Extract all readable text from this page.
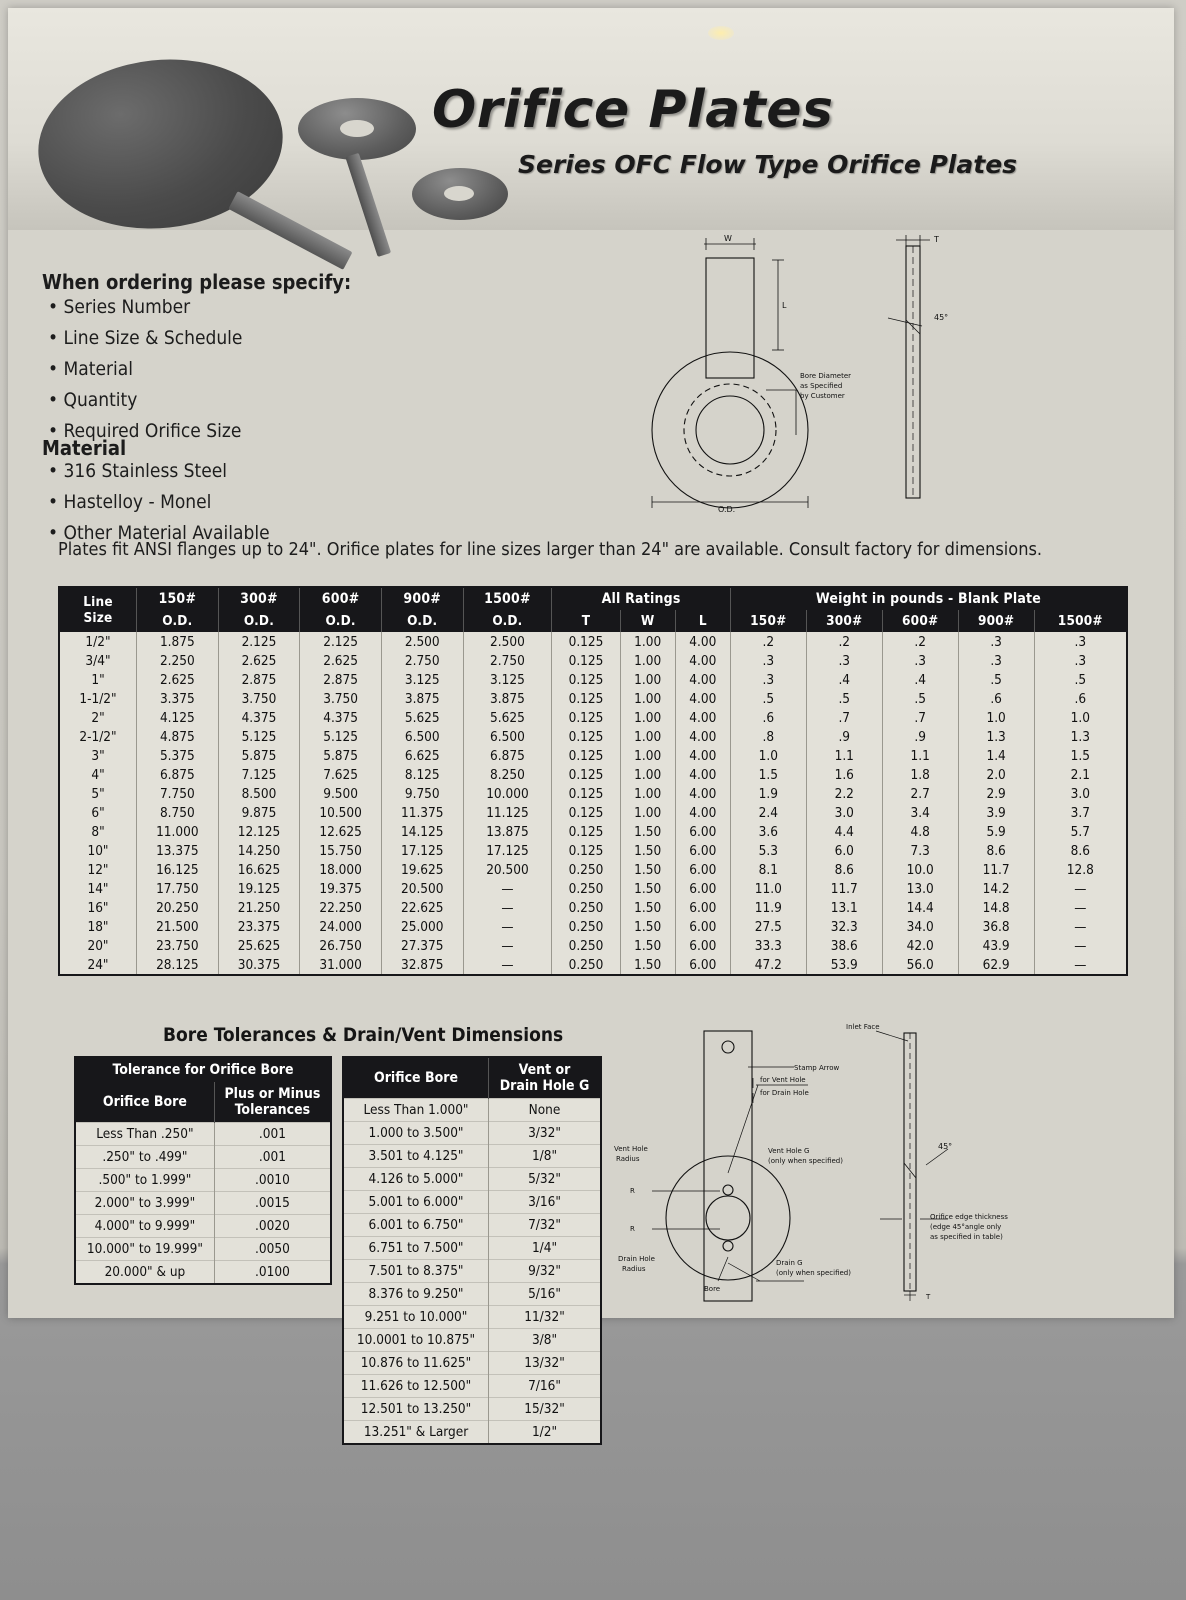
Orifice Plates
Series OFC Flow Type Orifice Plates
When ordering please specify:
• Series Number
• Line Size & Schedule
• Material
• Quantity
• Required Orifice Size
Material
• 316 Stainless Steel
• Hastelloy - Monel
• Other Material Available
Plates fit ANSI flanges up to 24". Orifice plates for line sizes larger than 24" are available. Consult factory for dimensions.
Line
Size	150#	300#	600#	900#	1500#	All Ratings			Weight in pounds - Blank Plate				
	O.D.	O.D.	O.D.	O.D.	O.D.	T	W	L	150#	300#	600#	900#	1500#
1/2"	1.875	2.125	2.125	2.500	2.500	0.125	1.00	4.00	.2	.2	.2	.3	.3
3/4"	2.250	2.625	2.625	2.750	2.750	0.125	1.00	4.00	.3	.3	.3	.3	.3
1"	2.625	2.875	2.875	3.125	3.125	0.125	1.00	4.00	.3	.4	.4	.5	.5
1-1/2"	3.375	3.750	3.750	3.875	3.875	0.125	1.00	4.00	.5	.5	.5	.6	.6
2"	4.125	4.375	4.375	5.625	5.625	0.125	1.00	4.00	.6	.7	.7	1.0	1.0
2-1/2"	4.875	5.125	5.125	6.500	6.500	0.125	1.00	4.00	.8	.9	.9	1.3	1.3
3"	5.375	5.875	5.875	6.625	6.875	0.125	1.00	4.00	1.0	1.1	1.1	1.4	1.5
4"	6.875	7.125	7.625	8.125	8.250	0.125	1.00	4.00	1.5	1.6	1.8	2.0	2.1
5"	7.750	8.500	9.500	9.750	10.000	0.125	1.00	4.00	1.9	2.2	2.7	2.9	3.0
6"	8.750	9.875	10.500	11.375	11.125	0.125	1.00	4.00	2.4	3.0	3.4	3.9	3.7
8"	11.000	12.125	12.625	14.125	13.875	0.125	1.50	6.00	3.6	4.4	4.8	5.9	5.7
10"	13.375	14.250	15.750	17.125	17.125	0.125	1.50	6.00	5.3	6.0	7.3	8.6	8.6
12"	16.125	16.625	18.000	19.625	20.500	0.250	1.50	6.00	8.1	8.6	10.0	11.7	12.8
14"	17.750	19.125	19.375	20.500	—	0.250	1.50	6.00	11.0	11.7	13.0	14.2	—
16"	20.250	21.250	22.250	22.625	—	0.250	1.50	6.00	11.9	13.1	14.4	14.8	—
18"	21.500	23.375	24.000	25.000	—	0.250	1.50	6.00	27.5	32.3	34.0	36.8	—
20"	23.750	25.625	26.750	27.375	—	0.250	1.50	6.00	33.3	38.6	42.0	43.9	—
24"	28.125	30.375	31.000	32.875	—	0.250	1.50	6.00	47.2	53.9	56.0	62.9	—
Bore Tolerances & Drain/Vent Dimensions
Tolerance for Orifice Bore	

Orifice Bore	Plus or Minus
Tolerances

Less Than .250"	.001
.250" to .499"	.001
.500" to 1.999"	.0010
2.000" to 3.999"	.0015
4.000" to 9.999"	.0020
10.000" to 19.999"	.0050
20.000" & up	.0100
Orifice Bore	Vent or
Drain Hole G

Less Than 1.000"	None
1.000 to 3.500"	3/32"
3.501 to 4.125"	1/8"
4.126 to 5.000"	5/32"
5.001 to 6.000"	3/16"
6.001 to 6.750"	7/32"
6.751 to 7.500"	1/4"
7.501 to 8.375"	9/32"
8.376 to 9.250"	5/16"
9.251 to 10.000"	11/32"
10.0001 to 10.875"	3/8"
10.876 to 11.625"	13/32"
11.626 to 12.500"	7/16"
12.501 to 13.250"	15/32"
13.251" & Larger	1/2"
W
L
T
45°
Bore Diameter
as Specified
by Customer
O.D.
Inlet Face
Stamp Arrow
for Vent Hole
for Drain Hole
Vent Hole
Radius
Vent Hole G
(only when specified)
R
R
Drain Hole
Radius
Drain G
(only when specified)
Bore
45°
Orifice edge thickness
(edge 45°angle only
as specified in table)
T
